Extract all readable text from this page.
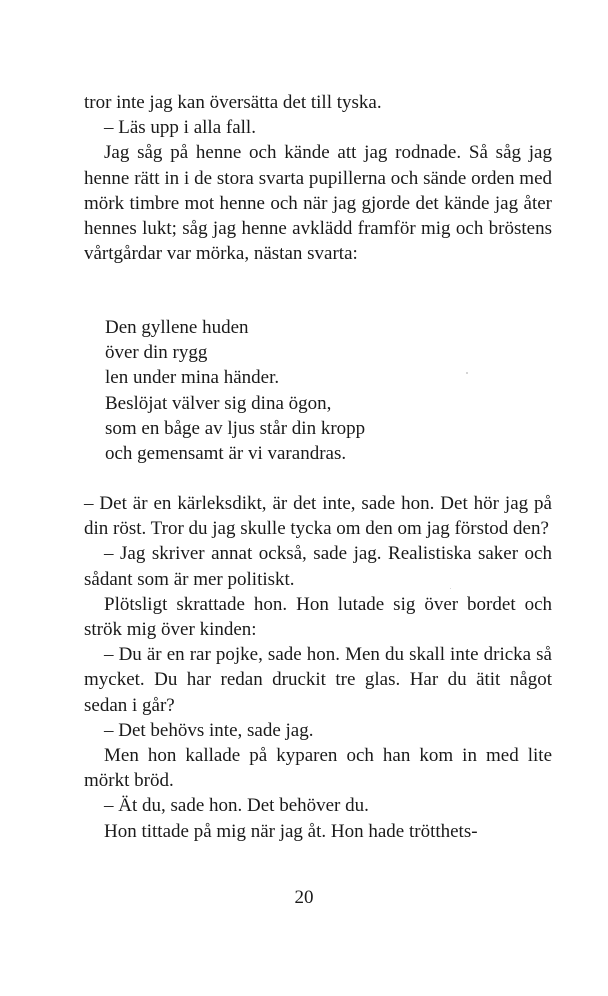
tror inte jag kan översätta det till tyska.

– Läs upp i alla fall.

Jag såg på henne och kände att jag rodnade. Så såg jag henne rätt in i de stora svarta pupillerna och sände orden med mörk timbre mot henne och när jag gjorde det kände jag åter hennes lukt; såg jag henne avklädd framför mig och bröstens vårtgårdar var mörka, nästan svarta:

Den gyllene huden
över din rygg
len under mina händer.
Beslöjat välver sig dina ögon,
som en båge av ljus står din kropp
och gemensamt är vi varandras.

– Det är en kärleksdikt, är det inte, sade hon. Det hör jag på din röst. Tror du jag skulle tycka om den om jag förstod den?

– Jag skriver annat också, sade jag. Realistiska saker och sådant som är mer politiskt.

Plötsligt skrattade hon. Hon lutade sig över bordet och strök mig över kinden:

– Du är en rar pojke, sade hon. Men du skall inte dricka så mycket. Du har redan druckit tre glas. Har du ätit något sedan i går?

– Det behövs inte, sade jag.

Men hon kallade på kyparen och han kom in med lite mörkt bröd.

– Ät du, sade hon. Det behöver du.

Hon tittade på mig när jag åt. Hon hade trötthets-

20
